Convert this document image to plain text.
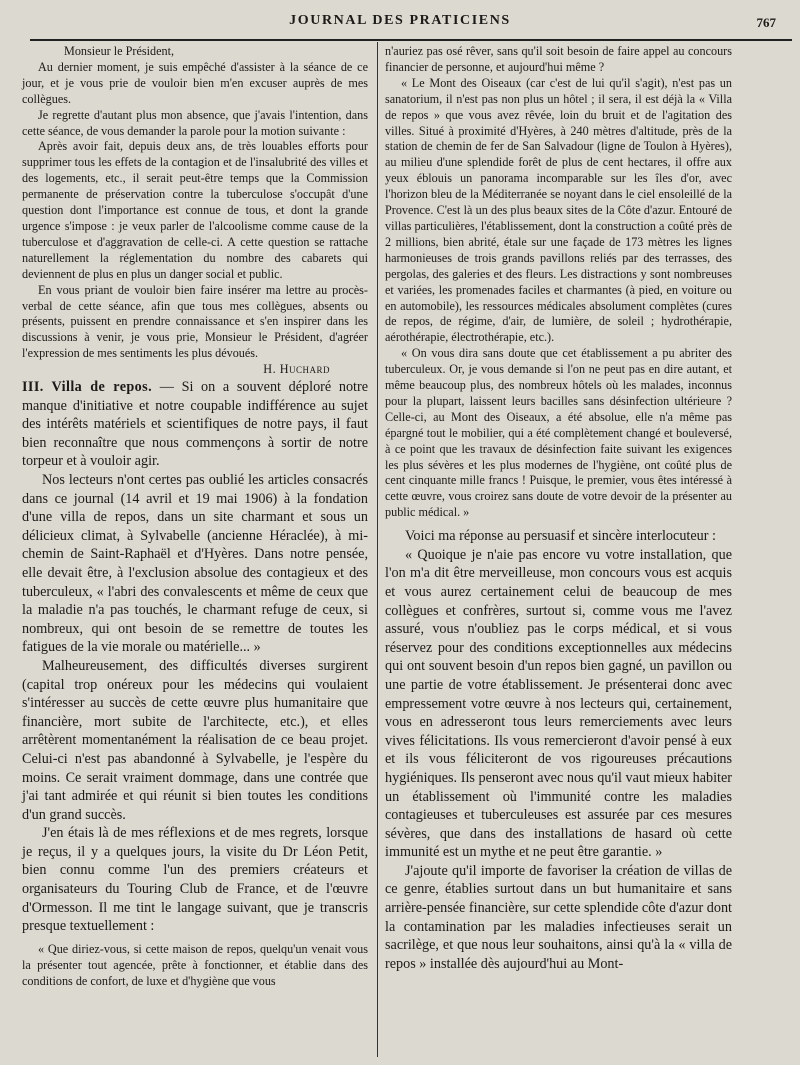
JOURNAL DES PRATICIENS	767

Monsieur le Président,

Au dernier moment, je suis empêché d'assister à la séance de ce jour, et je vous prie de vouloir bien m'en excuser auprès de mes collègues.

Je regrette d'autant plus mon absence, que j'avais l'intention, dans cette séance, de vous demander la parole pour la motion suivante :

Après avoir fait, depuis deux ans, de très louables efforts pour supprimer tous les effets de la contagion et de l'insalubrité des villes et des logements, etc., il serait peut-être temps que la Commission permanente de préservation contre la tuberculose s'occupât d'une question dont l'importance est connue de tous, et dont la grande urgence s'impose : je veux parler de l'alcoolisme comme cause de la tuberculose et d'aggravation de celle-ci. A cette question se rattache naturellement la réglementation du nombre des cabarets qui deviennent de plus en plus un danger social et public.

En vous priant de vouloir bien faire insérer ma lettre au procès-verbal de cette séance, afin que tous mes collègues, absents ou présents, puissent en prendre connaissance et s'en inspirer dans les discussions à venir, je vous prie, Monsieur le Président, d'agréer l'expression de mes sentiments les plus dévoués.

H. Huchard

III. Villa de repos. — Si on a souvent déploré notre manque d'initiative et notre coupable indifférence au sujet des intérêts matériels et scientifiques de notre pays, il faut bien reconnaître que nous commençons à sortir de notre torpeur et à vouloir agir.

Nos lecteurs n'ont certes pas oublié les articles consacrés dans ce journal (14 avril et 19 mai 1906) à la fondation d'une villa de repos, dans un site charmant et sous un délicieux climat, à Sylvabelle (ancienne Héraclée), à mi-chemin de Saint-Raphaël et d'Hyères. Dans notre pensée, elle devait être, à l'exclusion absolue des contagieux et des tuberculeux, « l'abri des convalescents et même de ceux que la maladie n'a pas touchés, le charmant refuge de ceux, si nombreux, qui ont besoin de se remettre de toutes les fatigues de la vie morale ou matérielle... »

Malheureusement, des difficultés diverses surgirent (capital trop onéreux pour les médecins qui voulaient s'intéresser au succès de cette œuvre plus humanitaire que financière, mort subite de l'architecte, etc.), et elles arrêtèrent momentanément la réalisation de ce beau projet. Celui-ci n'est pas abandonné à Sylvabelle, je l'espère du moins. Ce serait vraiment dommage, dans une contrée que j'ai tant admirée et qui réunit si bien toutes les conditions d'un grand succès.

J'en étais là de mes réflexions et de mes regrets, lorsque je reçus, il y a quelques jours, la visite du Dr Léon Petit, bien connu comme l'un des premiers créateurs et organisateurs du Touring Club de France, et de l'œuvre d'Ormesson. Il me tint le langage suivant, que je transcris presque textuellement :

« Que diriez-vous, si cette maison de repos, quelqu'un venait vous la présenter tout agencée, prête à fonctionner, et établie dans des conditions de confort, de luxe et d'hygiène que vous

n'auriez pas osé rêver, sans qu'il soit besoin de faire appel au concours financier de personne, et aujourd'hui même ?

« Le Mont des Oiseaux (car c'est de lui qu'il s'agit), n'est pas un sanatorium, il n'est pas non plus un hôtel ; il sera, il est déjà la « Villa de repos » que vous avez rêvée, loin du bruit et de l'agitation des villes. Situé à proximité d'Hyères, à 240 mètres d'altitude, près de la station de chemin de fer de San Salvadour (ligne de Toulon à Hyères), au milieu d'une splendide forêt de plus de cent hectares, il offre aux yeux éblouis un panorama incomparable sur les îles d'or, avec l'horizon bleu de la Méditerranée se noyant dans le ciel ensoleillé de la Provence. C'est là un des plus beaux sites de la Côte d'azur. Entouré de villas particulières, l'établissement, dont la construction a coûté près de 2 millions, bien abrité, étale sur une façade de 173 mètres les lignes harmonieuses de trois grands pavillons reliés par des terrasses, des pergolas, des galeries et des fleurs. Les distractions y sont nombreuses et variées, les promenades faciles et charmantes (à pied, en voiture ou en automobile), les ressources médicales absolument complètes (cures de repos, de régime, d'air, de lumière, de soleil ; hydrothérapie, aérothérapie, électrothérapie, etc.).

« On vous dira sans doute que cet établissement a pu abriter des tuberculeux. Or, je vous demande si l'on ne peut pas en dire autant, et même beaucoup plus, des nombreux hôtels où les malades, inconnus pour la plupart, laissent leurs bacilles sans désinfection ultérieure ? Celle-ci, au Mont des Oiseaux, a été absolue, elle n'a même pas épargné tout le mobilier, qui a été complètement changé et bouleversé, à ce point que les travaux de désinfection faite suivant les exigences les plus sévères et les plus modernes de l'hygiène, ont coûté plus de cent cinquante mille francs ! Puisque, le premier, vous êtes intéressé à cette œuvre, vous croirez sans doute de votre devoir de la présenter au public médical. »

Voici ma réponse au persuasif et sincère interlocuteur :

« Quoique je n'aie pas encore vu votre installation, que l'on m'a dit être merveilleuse, mon concours vous est acquis et vous aurez certainement celui de beaucoup de mes collègues et confrères, surtout si, comme vous me l'avez assuré, vous n'oubliez pas le corps médical, et si vous réservez pour des conditions exceptionnelles aux médecins qui ont souvent besoin d'un repos bien gagné, un pavillon ou une partie de votre établissement. Je présenterai donc avec empressement votre œuvre à nos lecteurs qui, certainement, vous en adresseront tous leurs remerciements avec leurs vives félicitations. Ils vous remercieront d'avoir pensé à eux et ils vous féliciteront de vos rigoureuses précautions hygiéniques. Ils penseront avec nous qu'il vaut mieux habiter un établissement où l'immunité contre les maladies contagieuses et tuberculeuses est assurée par ces mesures sévères, que dans des installations de hasard où cette immunité est un mythe et ne peut être garantie. »

J'ajoute qu'il importe de favoriser la création de villas de ce genre, établies surtout dans un but humanitaire et sans arrière-pensée financière, sur cette splendide côte d'azur dont la contamination par les maladies infectieuses serait un sacrilège, et que nous leur souhaitons, ainsi qu'à la « villa de repos » installée dès aujourd'hui au Mont-
